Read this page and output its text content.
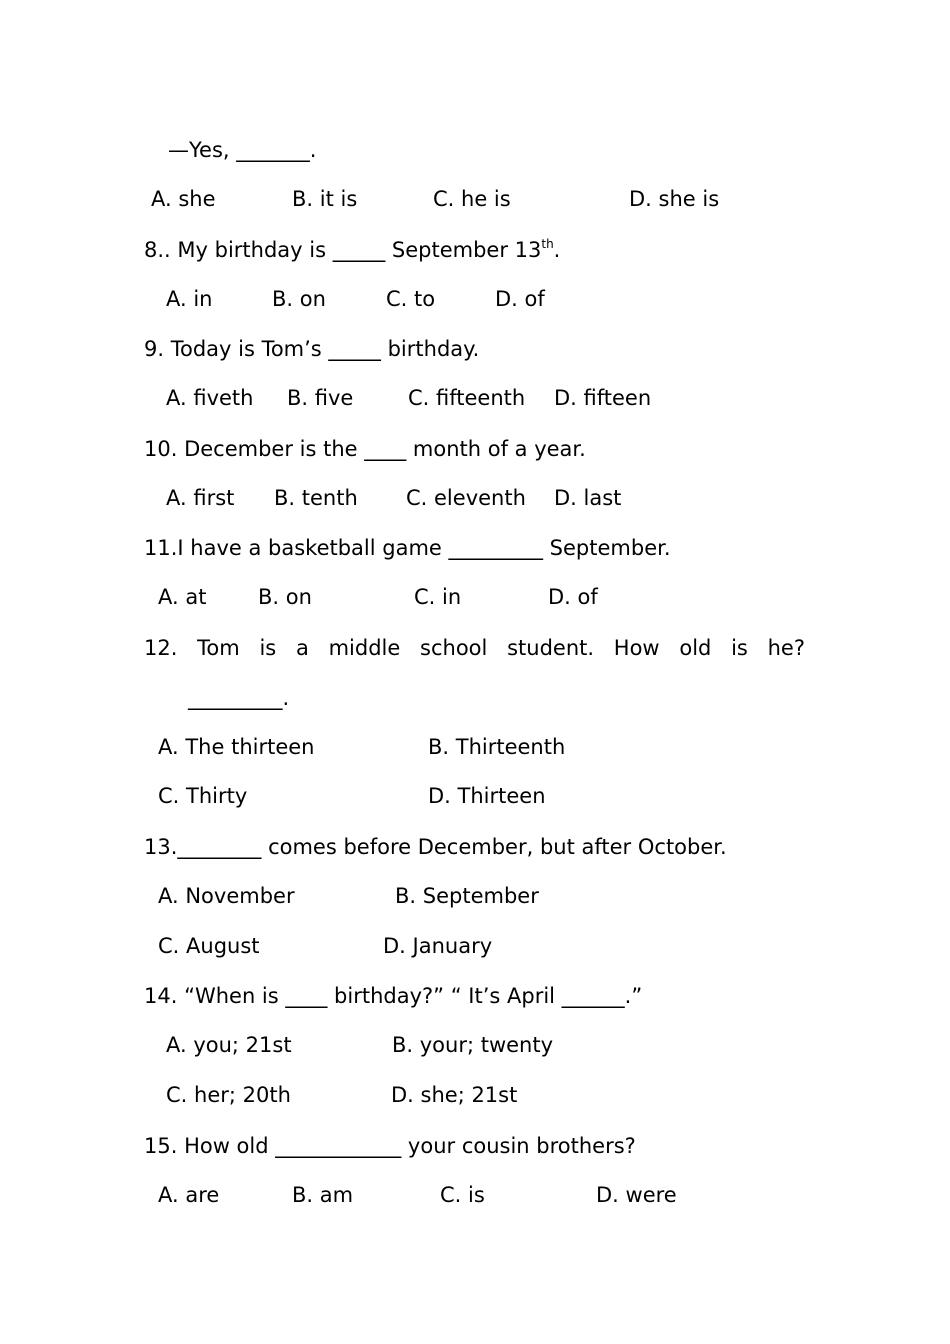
—Yes, _______.
A. she	B. it is	C. he is	D. she is
8.. My birthday is _____ September 13th.
A. in	B. on	C. to	D. of
9. Today is Tom’s _____ birthday.
A. fiveth B. five	C. fifteenth D. fifteen
10. December is the ____ month of a year.
A. first B. tenth C. eleventh D. last
11.I have a basketball game _________ September.
A. at B. on	C. in	D. of
12. Tom is a middle school student. How old is he?
_________.
A. The thirteen	B. Thirteenth
C. Thirty	D. Thirteen
13.________ comes before December, but after October.
A. November	B. September
C. August	D. January
14. “When is ____ birthday?” “ It’s April ______.”
A. you; 21st	B. your; twenty
C. her; 20th	D. she; 21st
15. How old ____________ your cousin brothers?
A. are	B. am	C. is	D. were
